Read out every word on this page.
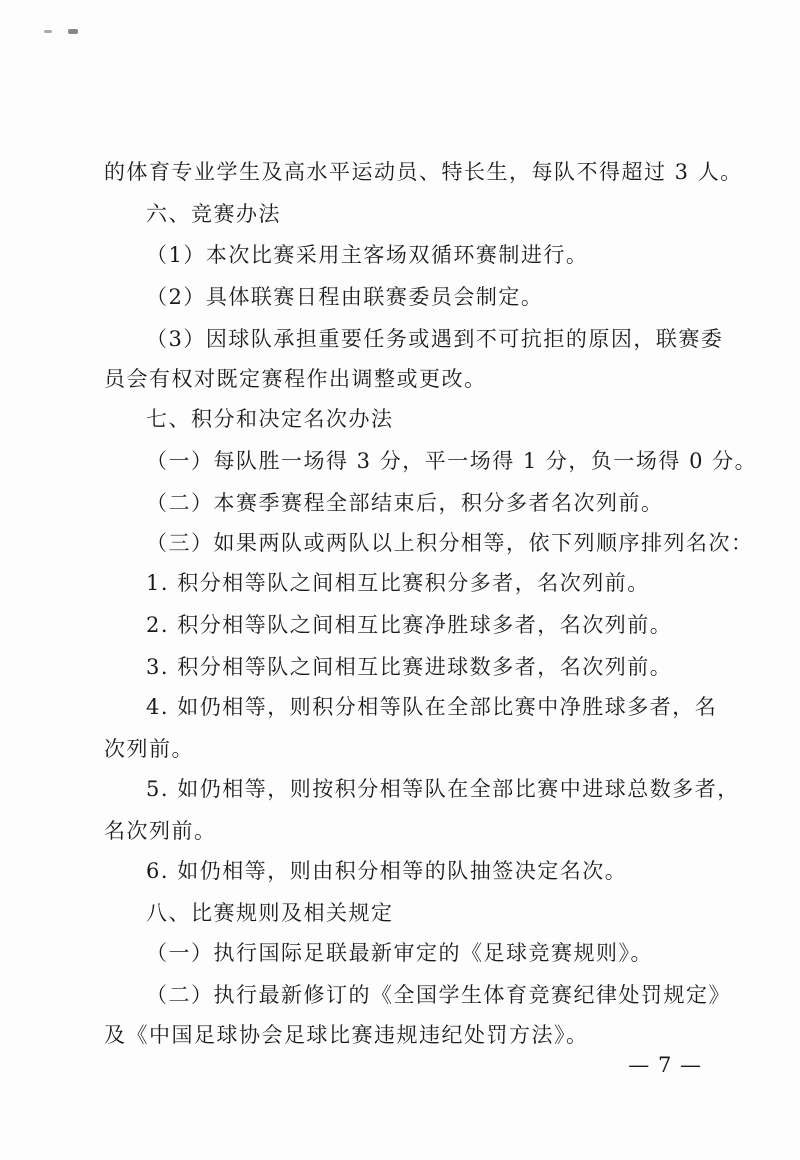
的体育专业学生及高水平运动员、特长生，每队不得超过 3 人。
六、竞赛办法
（1）本次比赛采用主客场双循环赛制进行。
（2）具体联赛日程由联赛委员会制定。
（3）因球队承担重要任务或遇到不可抗拒的原因，联赛委
员会有权对既定赛程作出调整或更改。
七、积分和决定名次办法
（一）每队胜一场得 3 分，平一场得 1 分，负一场得 0 分。
（二）本赛季赛程全部结束后，积分多者名次列前。
（三）如果两队或两队以上积分相等，依下列顺序排列名次：
1. 积分相等队之间相互比赛积分多者，名次列前。
2. 积分相等队之间相互比赛净胜球多者，名次列前。
3. 积分相等队之间相互比赛进球数多者，名次列前。
4. 如仍相等，则积分相等队在全部比赛中净胜球多者，名
次列前。
5. 如仍相等，则按积分相等队在全部比赛中进球总数多者，
名次列前。
6. 如仍相等，则由积分相等的队抽签决定名次。
八、比赛规则及相关规定
（一）执行国际足联最新审定的《足球竞赛规则》。
（二）执行最新修订的《全国学生体育竞赛纪律处罚规定》
及《中国足球协会足球比赛违规违纪处罚方法》。
— 7 —
